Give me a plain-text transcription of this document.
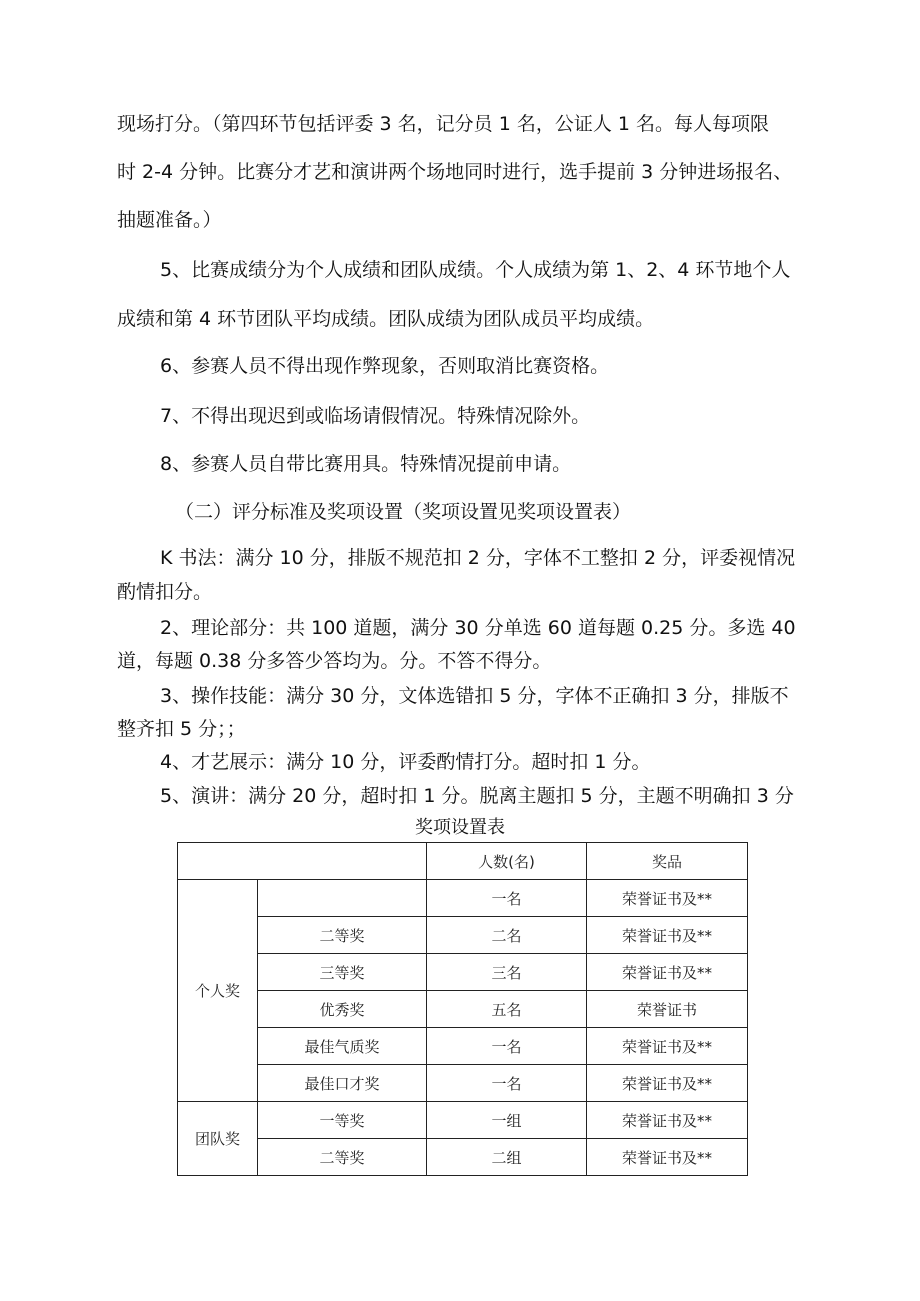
现场打分。（第四环节包括评委 3 名，记分员 1 名，公证人 1 名。每人每项限
时 2-4 分钟。比赛分才艺和演讲两个场地同时进行，选手提前 3 分钟进场报名、
抽题准备。）
5、比赛成绩分为个人成绩和团队成绩。个人成绩为第 1、2、4 环节地个人
成绩和第 4 环节团队平均成绩。团队成绩为团队成员平均成绩。
6、参赛人员不得出现作弊现象，否则取消比赛资格。
7、不得出现迟到或临场请假情况。特殊情况除外。
8、参赛人员自带比赛用具。特殊情况提前申请。
（二）评分标准及奖项设置（奖项设置见奖项设置表）
K 书法：满分 10 分，排版不规范扣 2 分，字体不工整扣 2 分，评委视情况
酌情扣分。
2、理论部分：共 100 道题，满分 30 分单选 60 道每题 0.25 分。多选 40
道，每题 0.38 分多答少答均为。分。不答不得分。
3、操作技能：满分 30 分，文体选错扣 5 分，字体不正确扣 3 分，排版不
整齐扣 5 分；；
4、才艺展示：满分 10 分，评委酌情打分。超时扣 1 分。
5、演讲：满分 20 分，超时扣 1 分。脱离主题扣 5 分，主题不明确扣 3 分
奖项设置表
		人数(名)	奖品
个人奖		一名	荣誉证书及**
	二等奖	二名	荣誉证书及**
	三等奖	三名	荣誉证书及**
	优秀奖	五名	荣誉证书
	最佳气质奖	一名	荣誉证书及**
	最佳口才奖	一名	荣誉证书及**
团队奖	一等奖	一组	荣誉证书及**
	二等奖	二组	荣誉证书及**
